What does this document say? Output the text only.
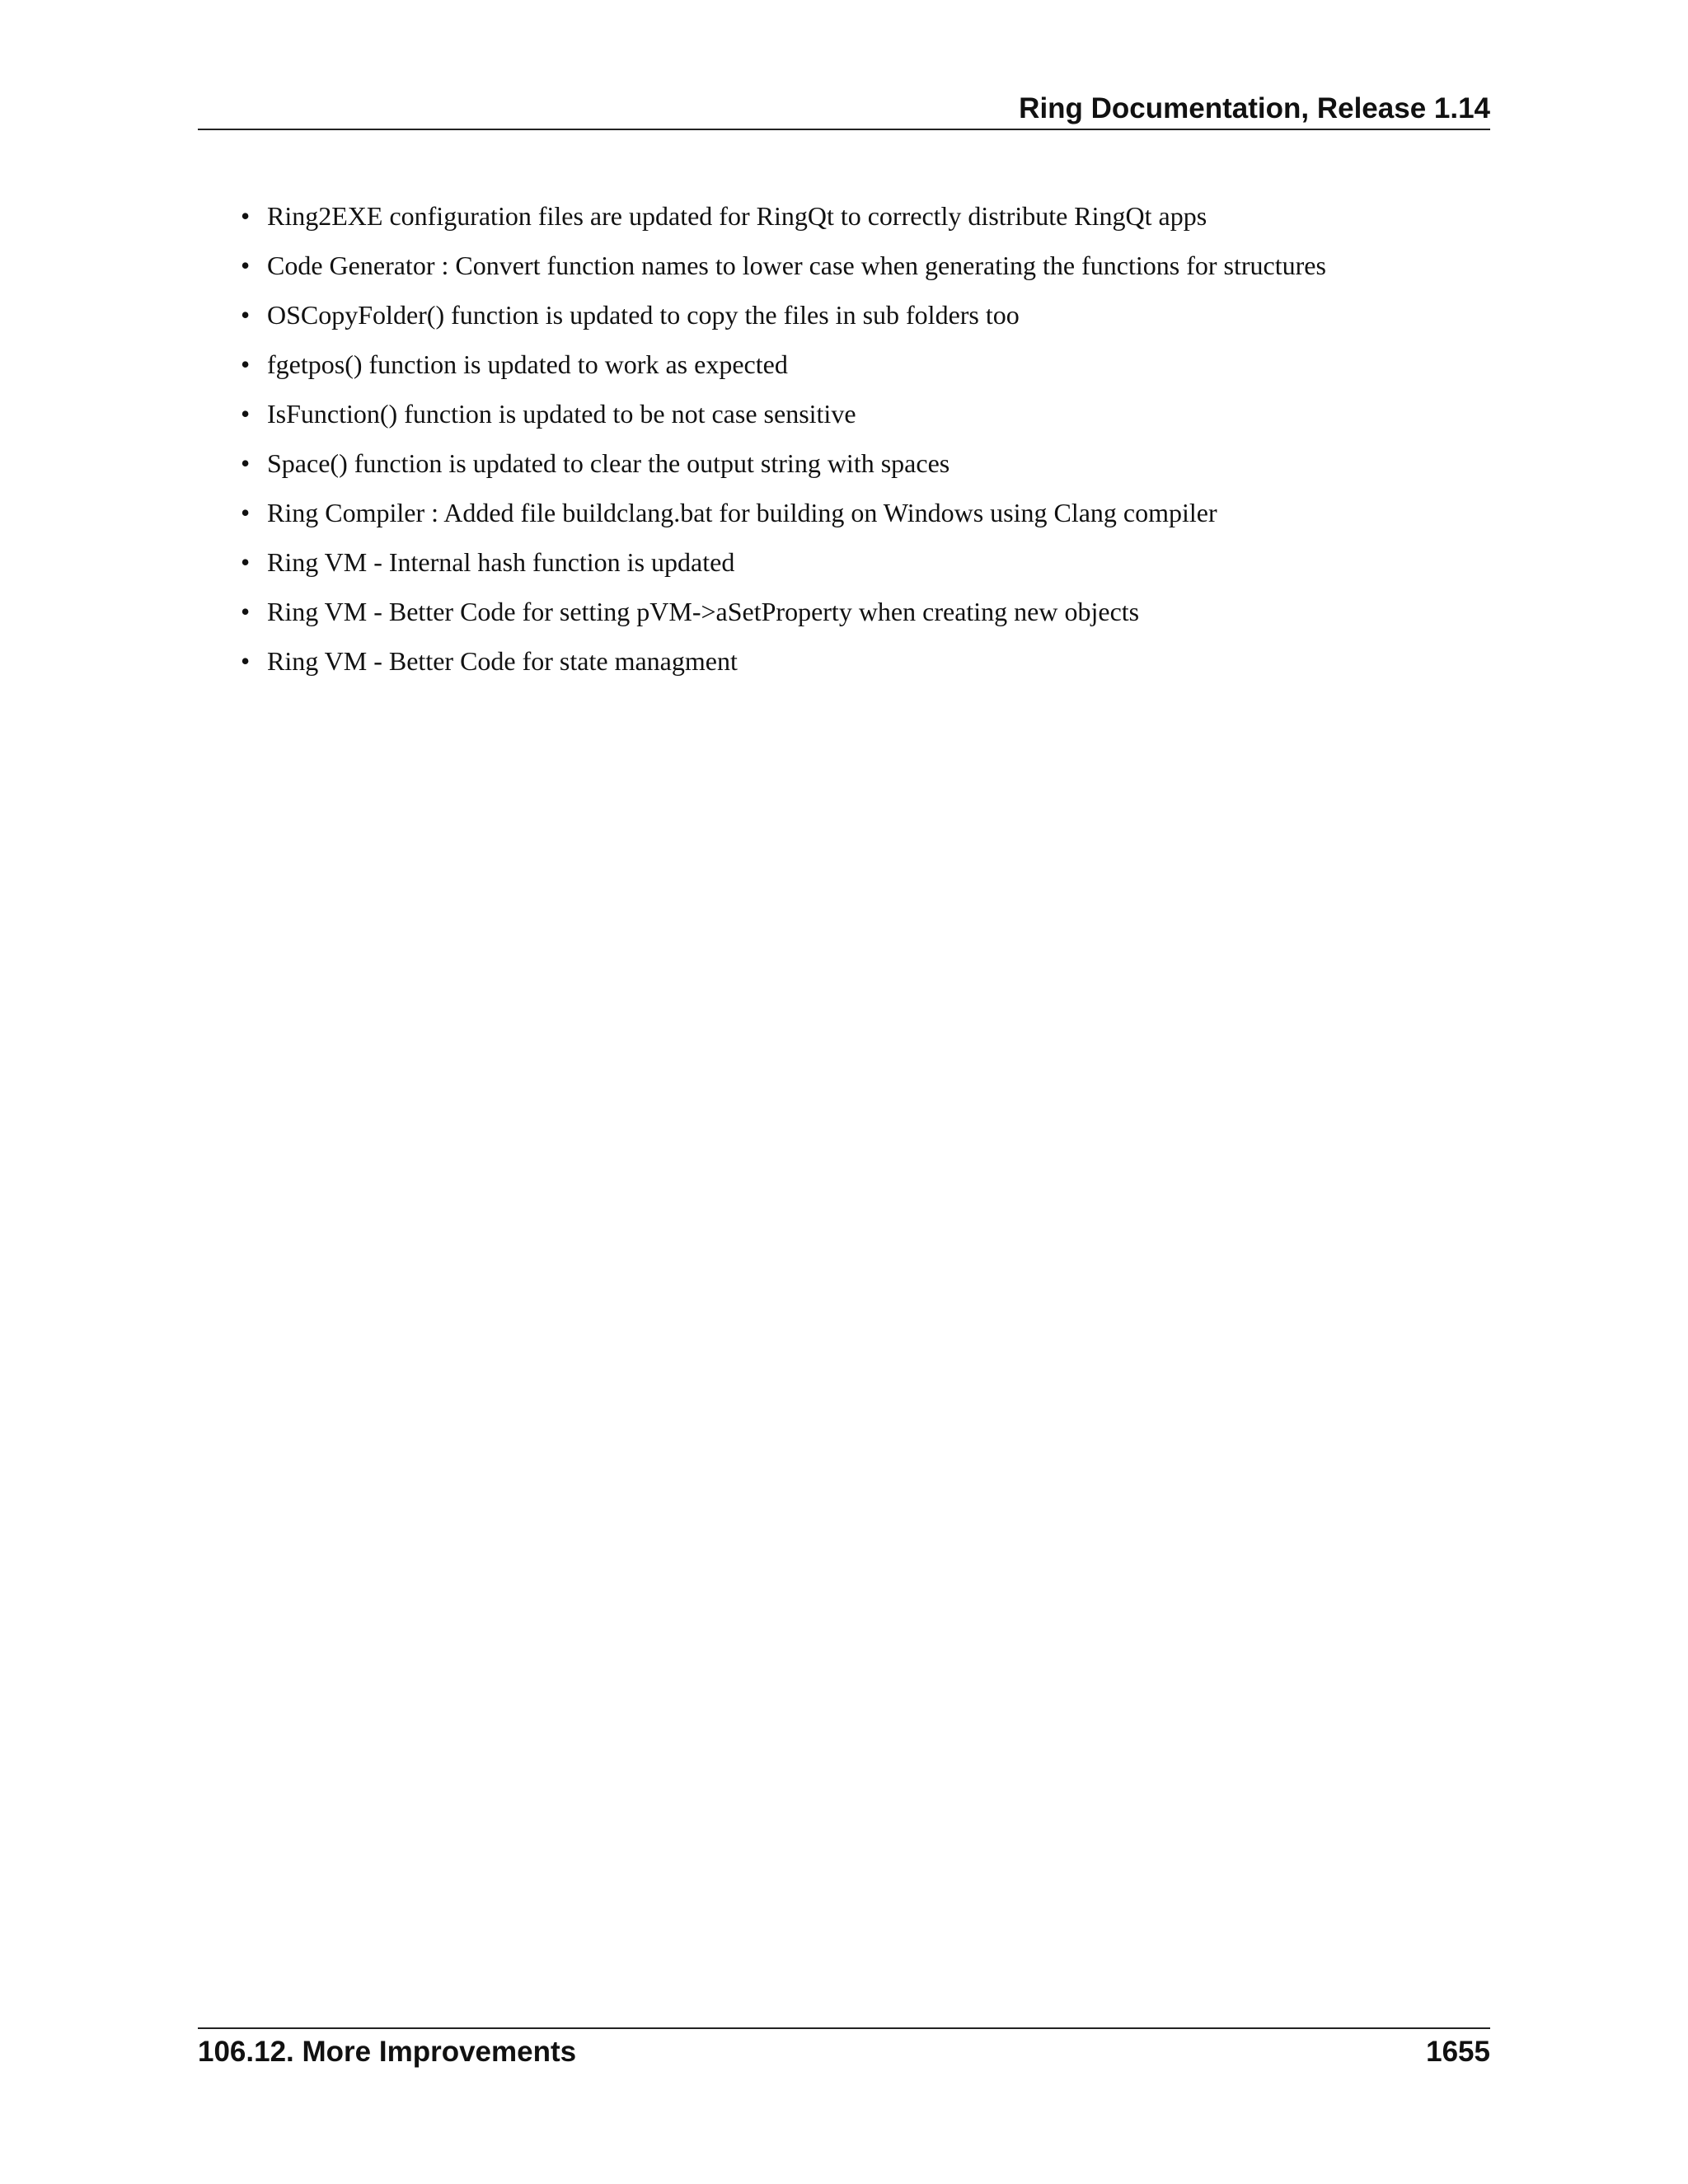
Ring Documentation, Release 1.14
• Ring2EXE configuration files are updated for RingQt to correctly distribute RingQt apps
• Code Generator : Convert function names to lower case when generating the functions for structures
• OSCopyFolder() function is updated to copy the files in sub folders too
• fgetpos() function is updated to work as expected
• IsFunction() function is updated to be not case sensitive
• Space() function is updated to clear the output string with spaces
• Ring Compiler : Added file buildclang.bat for building on Windows using Clang compiler
• Ring VM - Internal hash function is updated
• Ring VM - Better Code for setting pVM->aSetProperty when creating new objects
• Ring VM - Better Code for state managment
106.12. More Improvements	1655
